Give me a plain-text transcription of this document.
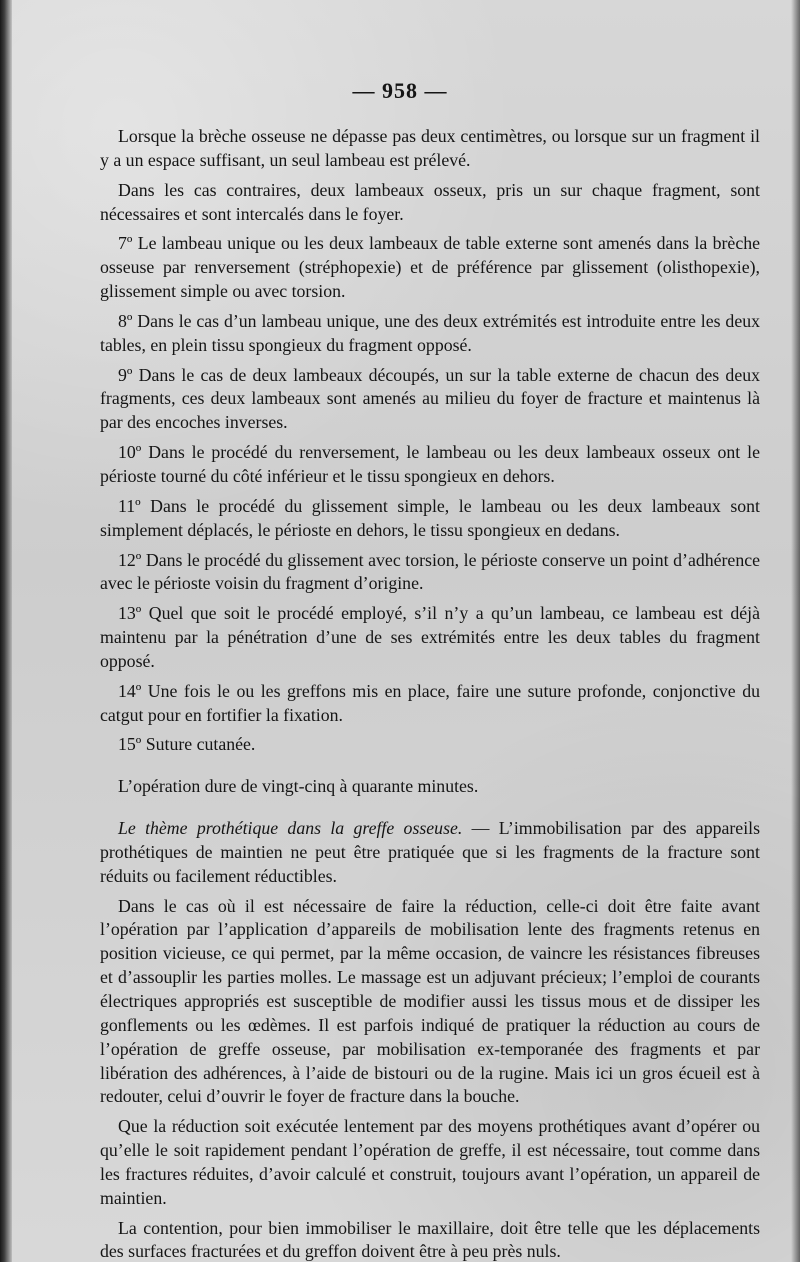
— 958 —

Lorsque la brèche osseuse ne dépasse pas deux centimètres, ou lorsque sur un fragment il y a un espace suffisant, un seul lambeau est prélevé.

Dans les cas contraires, deux lambeaux osseux, pris un sur chaque fragment, sont nécessaires et sont intercalés dans le foyer.

7º Le lambeau unique ou les deux lambeaux de table externe sont amenés dans la brèche osseuse par renversement (stréphopexie) et de préférence par glissement (olisthopexie), glissement simple ou avec torsion.

8º Dans le cas d’un lambeau unique, une des deux extrémités est introduite entre les deux tables, en plein tissu spongieux du fragment opposé.

9º Dans le cas de deux lambeaux découpés, un sur la table externe de chacun des deux fragments, ces deux lambeaux sont amenés au milieu du foyer de fracture et maintenus là par des encoches inverses.

10º Dans le procédé du renversement, le lambeau ou les deux lambeaux osseux ont le périoste tourné du côté inférieur et le tissu spongieux en dehors.

11º Dans le procédé du glissement simple, le lambeau ou les deux lambeaux sont simplement déplacés, le périoste en dehors, le tissu spongieux en dedans.

12º Dans le procédé du glissement avec torsion, le périoste conserve un point d’adhérence avec le périoste voisin du fragment d’origine.

13º Quel que soit le procédé employé, s’il n’y a qu’un lambeau, ce lambeau est déjà maintenu par la pénétration d’une de ses extrémités entre les deux tables du fragment opposé.

14º Une fois le ou les greffons mis en place, faire une suture profonde, conjonctive du catgut pour en fortifier la fixation.

15º Suture cutanée.

L’opération dure de vingt-cinq à quarante minutes.

Le thème prothétique dans la greffe osseuse. — L’immobilisation par des appareils prothétiques de maintien ne peut être pratiquée que si les fragments de la fracture sont réduits ou facilement réductibles.

Dans le cas où il est nécessaire de faire la réduction, celle-ci doit être faite avant l’opération par l’application d’appareils de mobilisation lente des fragments retenus en position vicieuse, ce qui permet, par la même occasion, de vaincre les résistances fibreuses et d’assouplir les parties molles. Le massage est un adjuvant précieux; l’emploi de courants électriques appropriés est susceptible de modifier aussi les tissus mous et de dissiper les gonflements ou les œdèmes. Il est parfois indiqué de pratiquer la réduction au cours de l’opération de greffe osseuse, par mobilisation ex-temporanée des fragments et par libération des adhérences, à l’aide de bistouri ou de la rugine. Mais ici un gros écueil est à redouter, celui d’ouvrir le foyer de fracture dans la bouche.

Que la réduction soit exécutée lentement par des moyens prothétiques avant d’opérer ou qu’elle le soit rapidement pendant l’opération de greffe, il est nécessaire, tout comme dans les fractures réduites, d’avoir calculé et construit, toujours avant l’opération, un appareil de maintien.

La contention, pour bien immobiliser le maxillaire, doit être telle que les déplacements des surfaces fracturées et du greffon doivent être à peu près nuls.
